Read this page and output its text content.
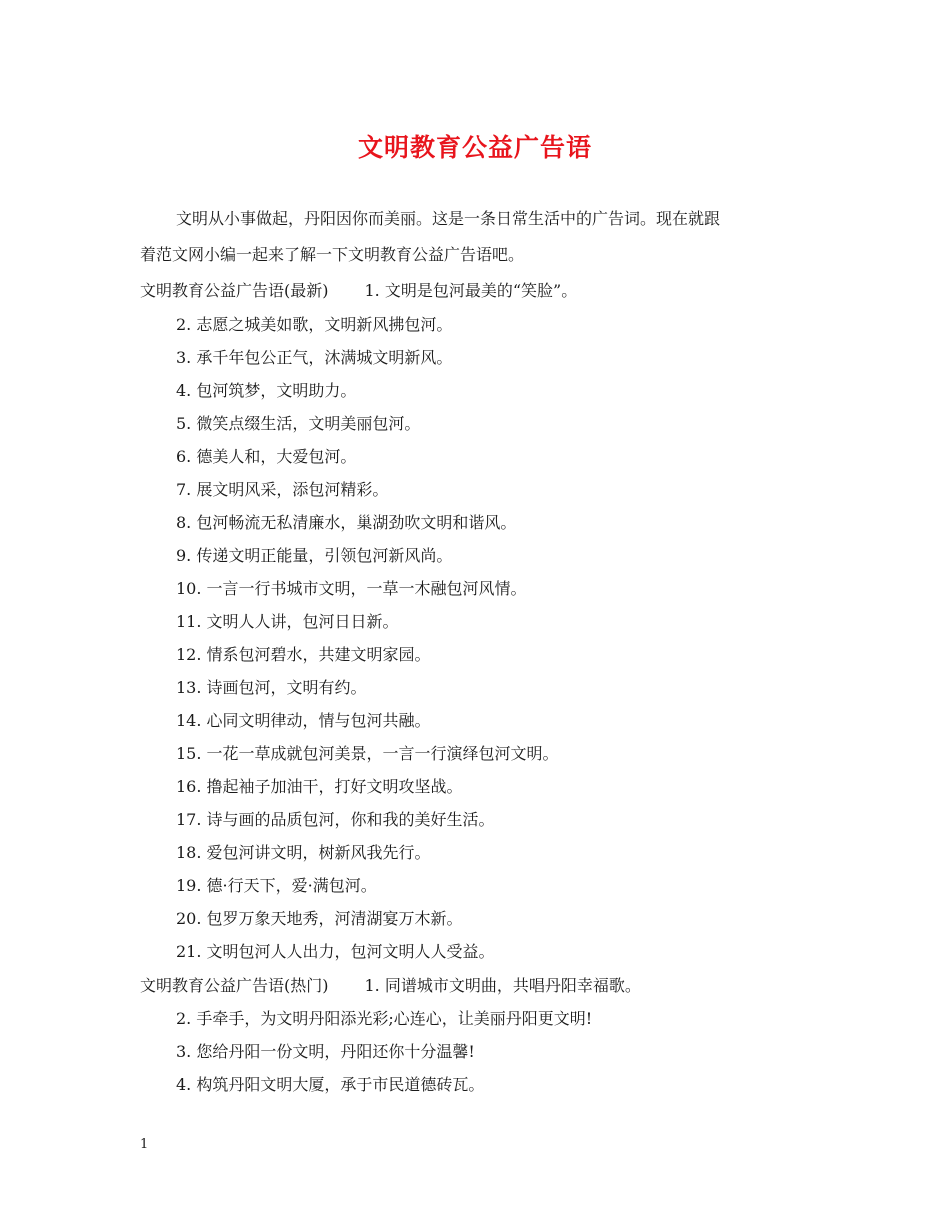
文明教育公益广告语
文明从小事做起，丹阳因你而美丽。这是一条日常生活中的广告词。现在就跟
着范文网小编一起来了解一下文明教育公益广告语吧。
文明教育公益广告语(最新) 1. 文明是包河最美的“笑脸”。
2. 志愿之城美如歌，文明新风拂包河。
3. 承千年包公正气，沐满城文明新风。
4. 包河筑梦，文明助力。
5. 微笑点缀生活，文明美丽包河。
6. 德美人和，大爱包河。
7. 展文明风采，添包河精彩。
8. 包河畅流无私清廉水，巢湖劲吹文明和谐风。
9. 传递文明正能量，引领包河新风尚。
10. 一言一行书城市文明，一草一木融包河风情。
11. 文明人人讲，包河日日新。
12. 情系包河碧水，共建文明家园。
13. 诗画包河，文明有约。
14. 心同文明律动，情与包河共融。
15. 一花一草成就包河美景，一言一行演绎包河文明。
16. 撸起袖子加油干，打好文明攻坚战。
17. 诗与画的品质包河，你和我的美好生活。
18. 爱包河讲文明，树新风我先行。
19. 德·行天下，爱·满包河。
20. 包罗万象天地秀，河清湖宴万木新。
21. 文明包河人人出力，包河文明人人受益。
文明教育公益广告语(热门) 1. 同谱城市文明曲，共唱丹阳幸福歌。
2. 手牵手，为文明丹阳添光彩;心连心，让美丽丹阳更文明!
3. 您给丹阳一份文明，丹阳还你十分温馨!
4. 构筑丹阳文明大厦，承于市民道德砖瓦。
1
